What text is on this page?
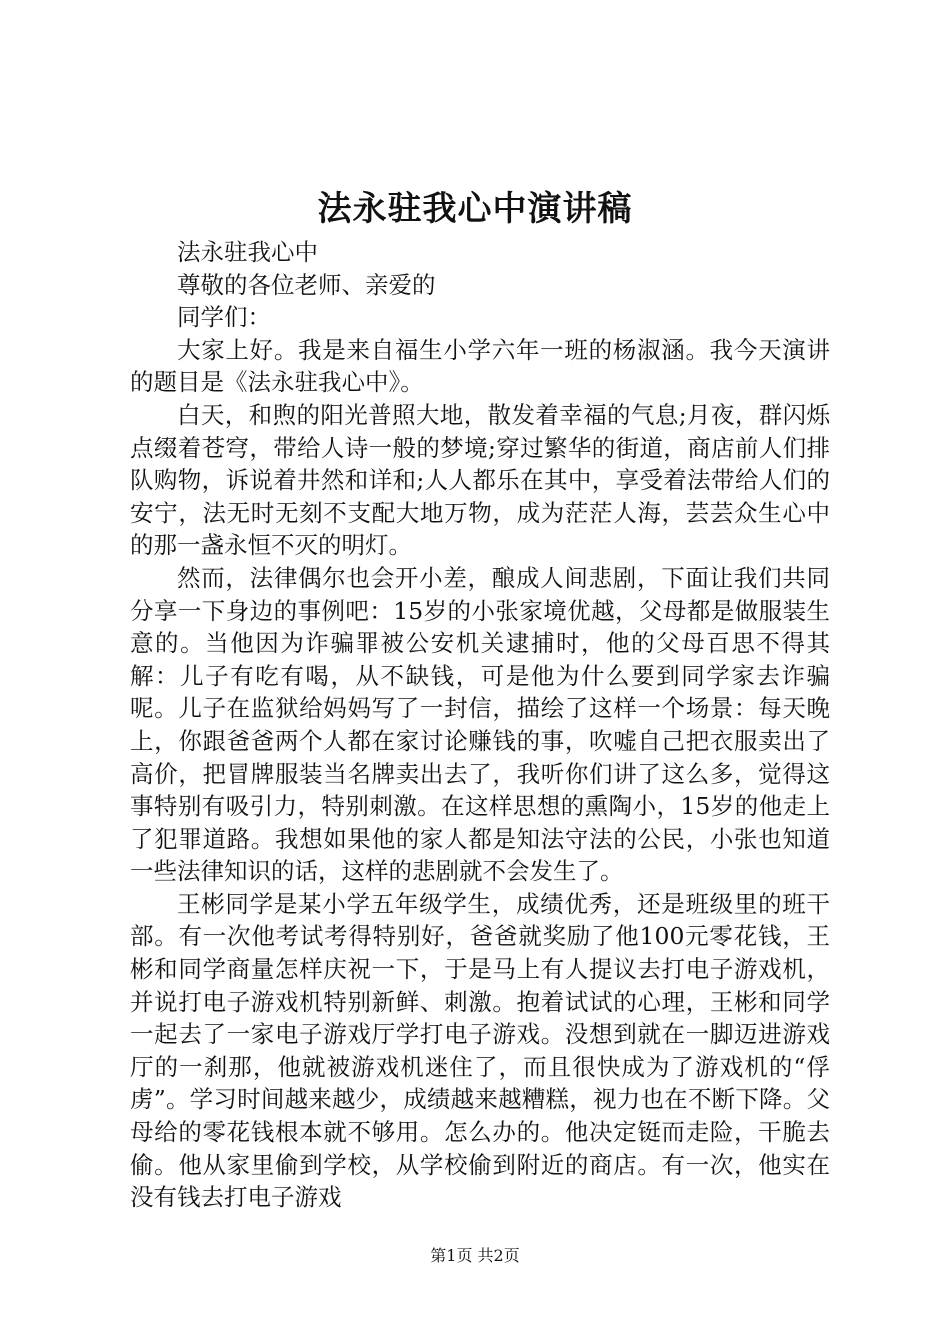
法永驻我心中演讲稿

法永驻我心中

尊敬的各位老师、亲爱的

同学们：

大家上好。我是来自福生小学六年一班的杨淑涵。我今天演讲的题目是《法永驻我心中》。

白天，和煦的阳光普照大地，散发着幸福的气息;月夜，群闪烁点缀着苍穹，带给人诗一般的梦境;穿过繁华的街道，商店前人们排队购物，诉说着井然和详和;人人都乐在其中，享受着法带给人们的安宁，法无时无刻不支配大地万物，成为茫茫人海，芸芸众生心中的那一盏永恒不灭的明灯。

然而，法律偶尔也会开小差，酿成人间悲剧，下面让我们共同分享一下身边的事例吧：15岁的小张家境优越，父母都是做服装生意的。当他因为诈骗罪被公安机关逮捕时，他的父母百思不得其解：儿子有吃有喝，从不缺钱，可是他为什么要到同学家去诈骗呢。儿子在监狱给妈妈写了一封信，描绘了这样一个场景：每天晚上，你跟爸爸两个人都在家讨论赚钱的事，吹嘘自己把衣服卖出了高价，把冒牌服装当名牌卖出去了，我听你们讲了这么多，觉得这事特别有吸引力，特别刺激。在这样思想的熏陶小，15岁的他走上了犯罪道路。我想如果他的家人都是知法守法的公民，小张也知道一些法律知识的话，这样的悲剧就不会发生了。

王彬同学是某小学五年级学生，成绩优秀，还是班级里的班干部。有一次他考试考得特别好，爸爸就奖励了他100元零花钱，王彬和同学商量怎样庆祝一下，于是马上有人提议去打电子游戏机，并说打电子游戏机特别新鲜、刺激。抱着试试的心理，王彬和同学一起去了一家电子游戏厅学打电子游戏。没想到就在一脚迈进游戏厅的一刹那，他就被游戏机迷住了，而且很快成为了游戏机的“俘虏”。学习时间越来越少，成绩越来越糟糕，视力也在不断下降。父母给的零花钱根本就不够用。怎么办的。他决定铤而走险，干脆去偷。他从家里偷到学校，从学校偷到附近的商店。有一次，他实在没有钱去打电子游戏

第1页 共2页
